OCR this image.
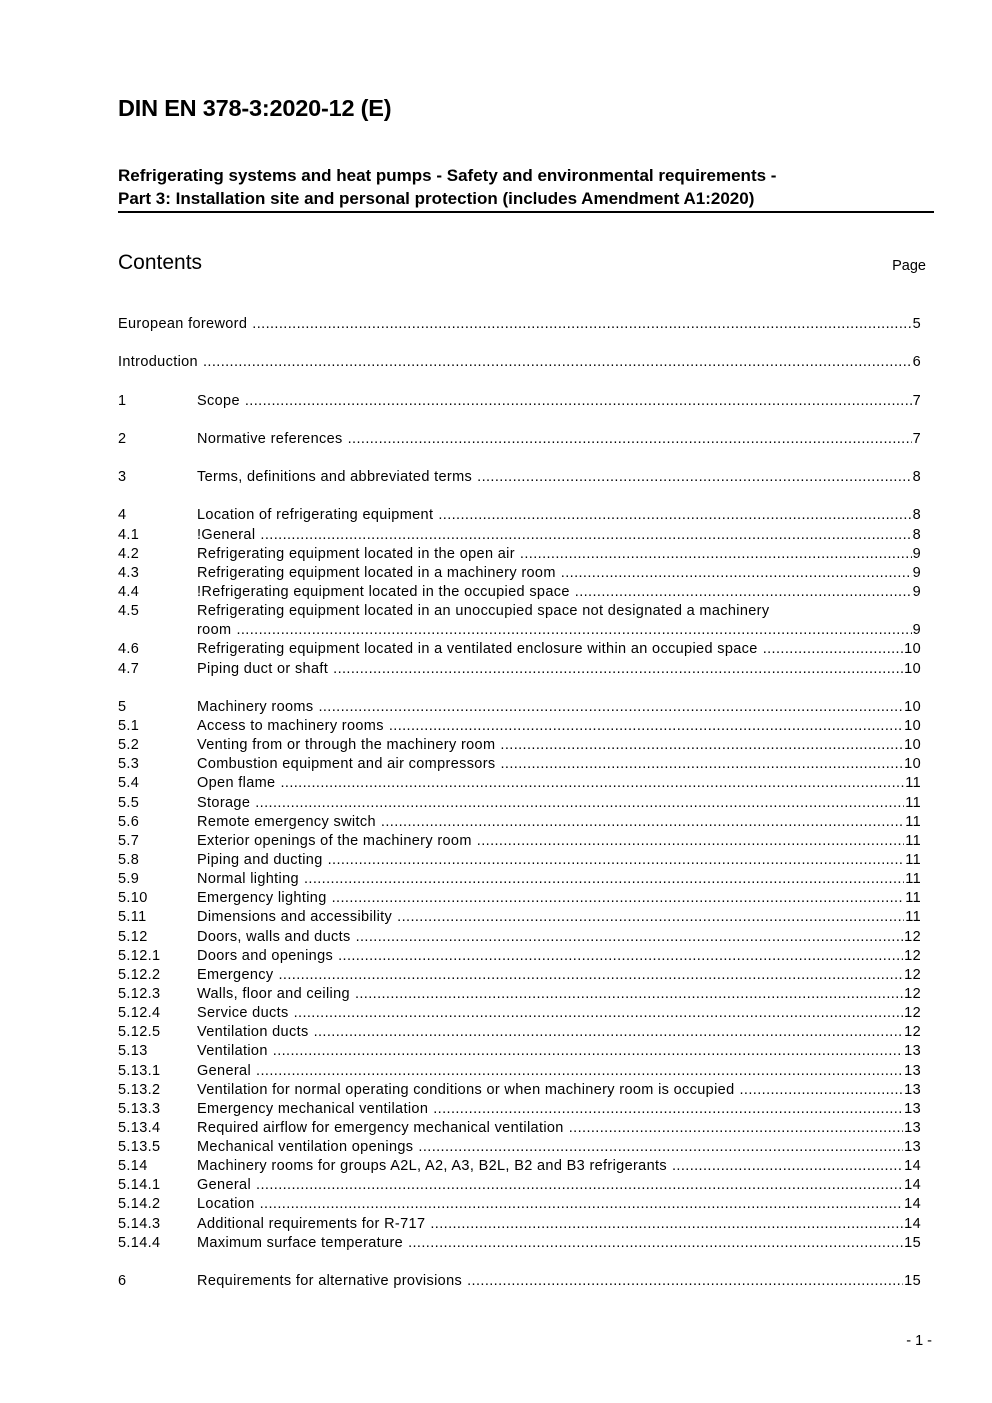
DIN EN 378-3:2020-12 (E)
Refrigerating systems and heat pumps - Safety and environmental requirements -
Part 3: Installation site and personal protection (includes Amendment A1:2020)
Contents	Page
European foreword .....	5
Introduction .....	6
1	Scope .....	7
2	Normative references .....	7
3	Terms, definitions and abbreviated terms .....	8
4	Location of refrigerating equipment .....	8
4.1	!General .....	8
4.2	Refrigerating equipment located in the open air .....	9
4.3	Refrigerating equipment located in a machinery room .....	9
4.4	!Refrigerating equipment located in the occupied space .....	9
4.5	Refrigerating equipment located in an unoccupied space not designated a machinery
room .....	9
4.6	Refrigerating equipment located in a ventilated enclosure within an occupied space .....	10
4.7	Piping duct or shaft .....	10
5	Machinery rooms .....	10
5.1	Access to machinery rooms .....	10
5.2	Venting from or through the machinery room .....	10
5.3	Combustion equipment and air compressors .....	10
5.4	Open flame .....	11
5.5	Storage .....	11
5.6	Remote emergency switch .....	11
5.7	Exterior openings of the machinery room .....	11
5.8	Piping and ducting .....	11
5.9	Normal lighting .....	11
5.10	Emergency lighting .....	11
5.11	Dimensions and accessibility .....	11
5.12	Doors, walls and ducts .....	12
5.12.1	Doors and openings .....	12
5.12.2	Emergency .....	12
5.12.3	Walls, floor and ceiling .....	12
5.12.4	Service ducts .....	12
5.12.5	Ventilation ducts .....	12
5.13	Ventilation .....	13
5.13.1	General .....	13
5.13.2	Ventilation for normal operating conditions or when machinery room is occupied .....	13
5.13.3	Emergency mechanical ventilation .....	13
5.13.4	Required airflow for emergency mechanical ventilation .....	13
5.13.5	Mechanical ventilation openings .....	13
5.14	Machinery rooms for groups A2L, A2, A3, B2L, B2 and B3 refrigerants .....	14
5.14.1	General .....	14
5.14.2	Location .....	14
5.14.3	Additional requirements for R-717 .....	14
5.14.4	Maximum surface temperature .....	15
6	Requirements for alternative provisions .....	15
- 1 -
